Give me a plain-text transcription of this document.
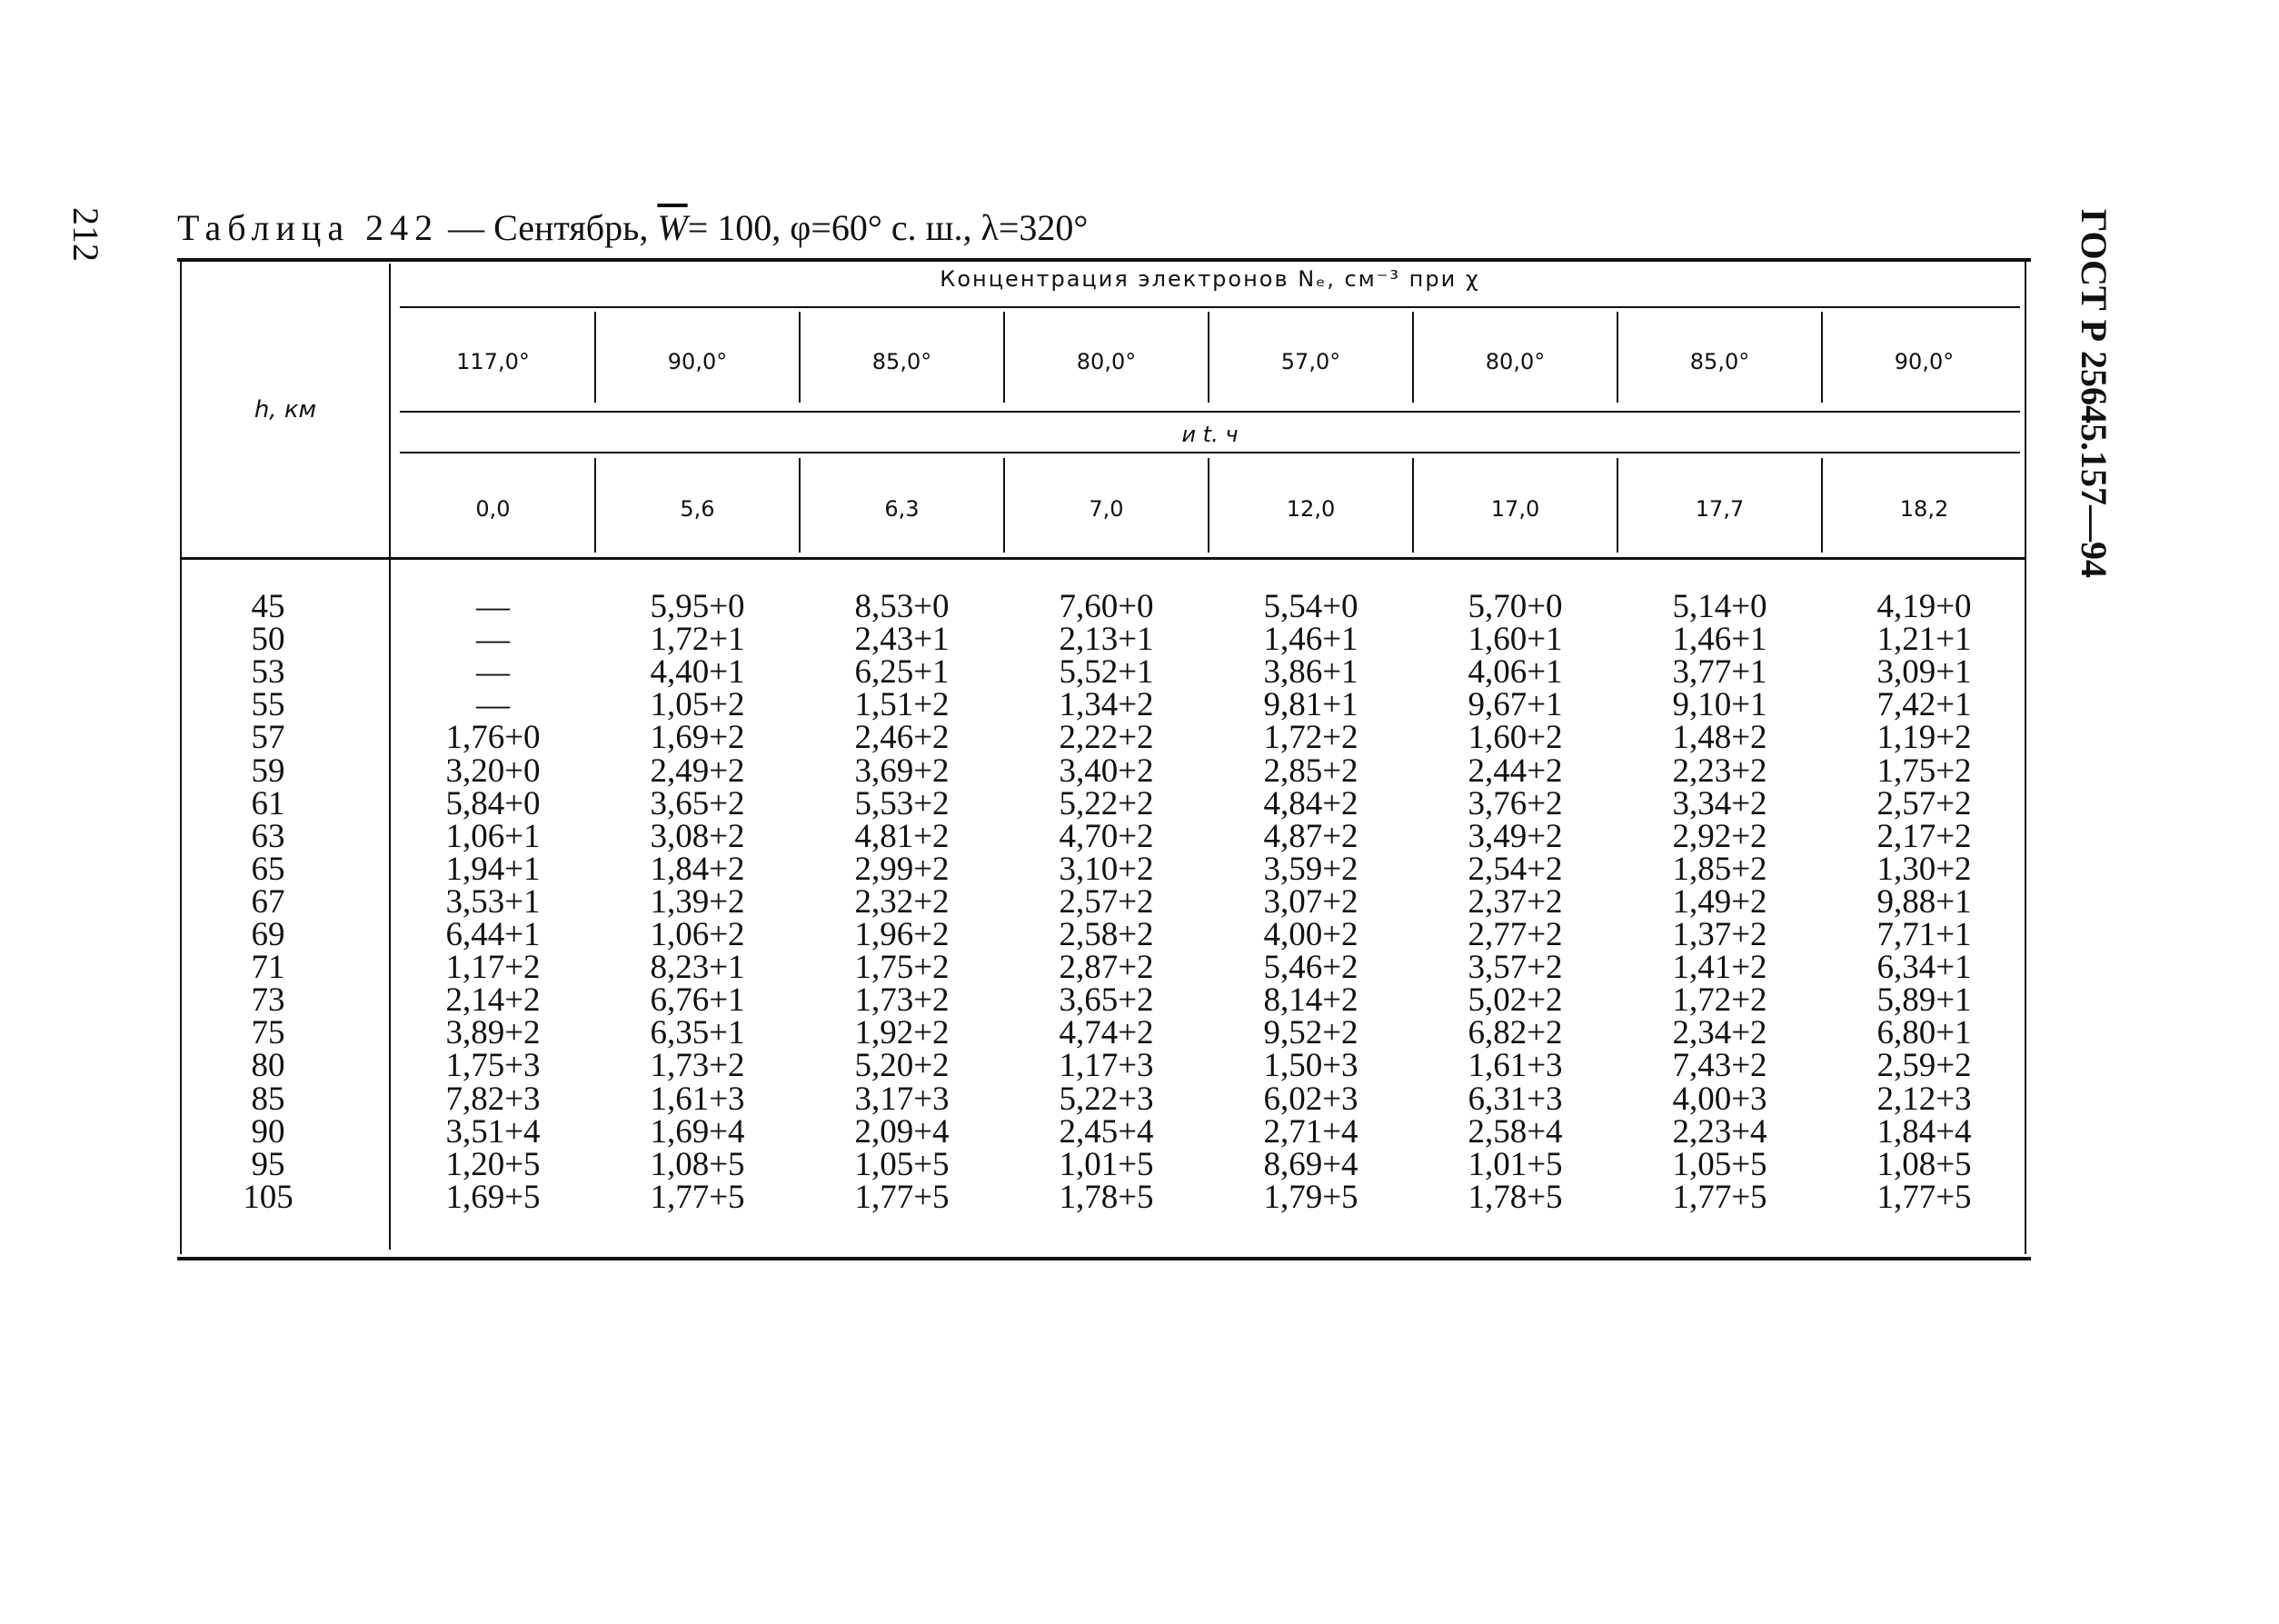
212	ГОСТ Р 25645.157—94
Таблица 242 — Сентябрь, $\overline{W}= 100$, φ=60° с. ш., λ=320°
h, км
Концентрация электронов Nₑ, см⁻³ при χ
и t. ч
117,0°	90,0°	85,0°	80,0°	57,0°	80,0°	85,0°	90,0°
0,0	5,6	6,3	7,0	12,0	17,0	17,7	18,2
45	—	5,95+0	8,53+0	7,60+0	5,54+0	5,70+0	5,14+0	4,19+0
50	—	1,72+1	2,43+1	2,13+1	1,46+1	1,60+1	1,46+1	1,21+1
53	—	4,40+1	6,25+1	5,52+1	3,86+1	4,06+1	3,77+1	3,09+1
55	—	1,05+2	1,51+2	1,34+2	9,81+1	9,67+1	9,10+1	7,42+1
57	1,76+0	1,69+2	2,46+2	2,22+2	1,72+2	1,60+2	1,48+2	1,19+2
59	3,20+0	2,49+2	3,69+2	3,40+2	2,85+2	2,44+2	2,23+2	1,75+2
61	5,84+0	3,65+2	5,53+2	5,22+2	4,84+2	3,76+2	3,34+2	2,57+2
63	1,06+1	3,08+2	4,81+2	4,70+2	4,87+2	3,49+2	2,92+2	2,17+2
65	1,94+1	1,84+2	2,99+2	3,10+2	3,59+2	2,54+2	1,85+2	1,30+2
67	3,53+1	1,39+2	2,32+2	2,57+2	3,07+2	2,37+2	1,49+2	9,88+1
69	6,44+1	1,06+2	1,96+2	2,58+2	4,00+2	2,77+2	1,37+2	7,71+1
71	1,17+2	8,23+1	1,75+2	2,87+2	5,46+2	3,57+2	1,41+2	6,34+1
73	2,14+2	6,76+1	1,73+2	3,65+2	8,14+2	5,02+2	1,72+2	5,89+1
75	3,89+2	6,35+1	1,92+2	4,74+2	9,52+2	6,82+2	2,34+2	6,80+1
80	1,75+3	1,73+2	5,20+2	1,17+3	1,50+3	1,61+3	7,43+2	2,59+2
85	7,82+3	1,61+3	3,17+3	5,22+3	6,02+3	6,31+3	4,00+3	2,12+3
90	3,51+4	1,69+4	2,09+4	2,45+4	2,71+4	2,58+4	2,23+4	1,84+4
95	1,20+5	1,08+5	1,05+5	1,01+5	8,69+4	1,01+5	1,05+5	1,08+5
105	1,69+5	1,77+5	1,77+5	1,78+5	1,79+5	1,78+5	1,77+5	1,77+5
